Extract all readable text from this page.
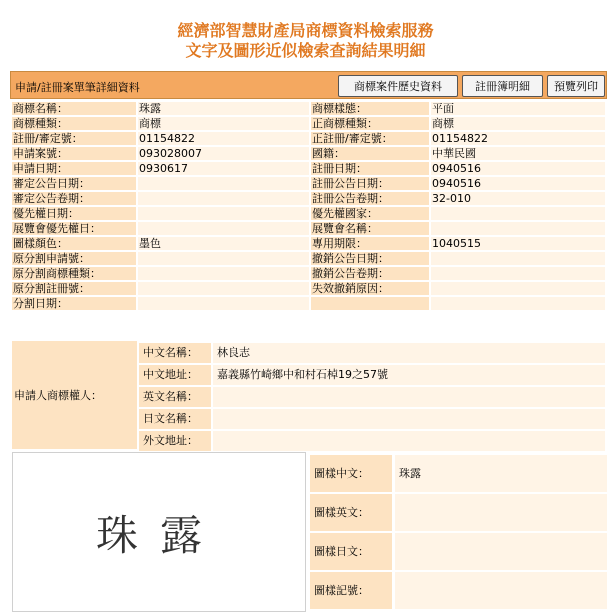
經濟部智慧財產局商標資料檢索服務
文字及圖形近似檢索查詢結果明細
申請/註冊案單筆詳細資料	商標案件歷史資料	註冊簿明細	預覽列印
商標名稱：	珠露	商標樣態：	平面
商標種類：	商標	正商標種類：	商標
註冊/審定號：	01154822	正註冊/審定號：	01154822
申請案號：	093028007	國籍：	中華民國
申請日期：	0930617	註冊日期：	0940516
審定公告日期：		註冊公告日期：	0940516
審定公告卷期：		註冊公告卷期：	32-010
優先權日期：		優先權國家：	
展覽會優先權日：		展覽會名稱：	
圖樣顏色：	墨色	專用期限：	1040515
原分割申請號：		撤銷公告日期：	
原分割商標種類：		撤銷公告卷期：	
原分割註冊號：		失效撤銷原因：	
分割日期：			
申請人商標權人：
中文名稱：	林良志
中文地址：	嘉義縣竹崎鄉中和村石棹19之57號
英文名稱：
日文名稱：
外文地址：
珠露
圖樣中文：	珠露
圖樣英文：
圖樣日文：
圖樣記號：
